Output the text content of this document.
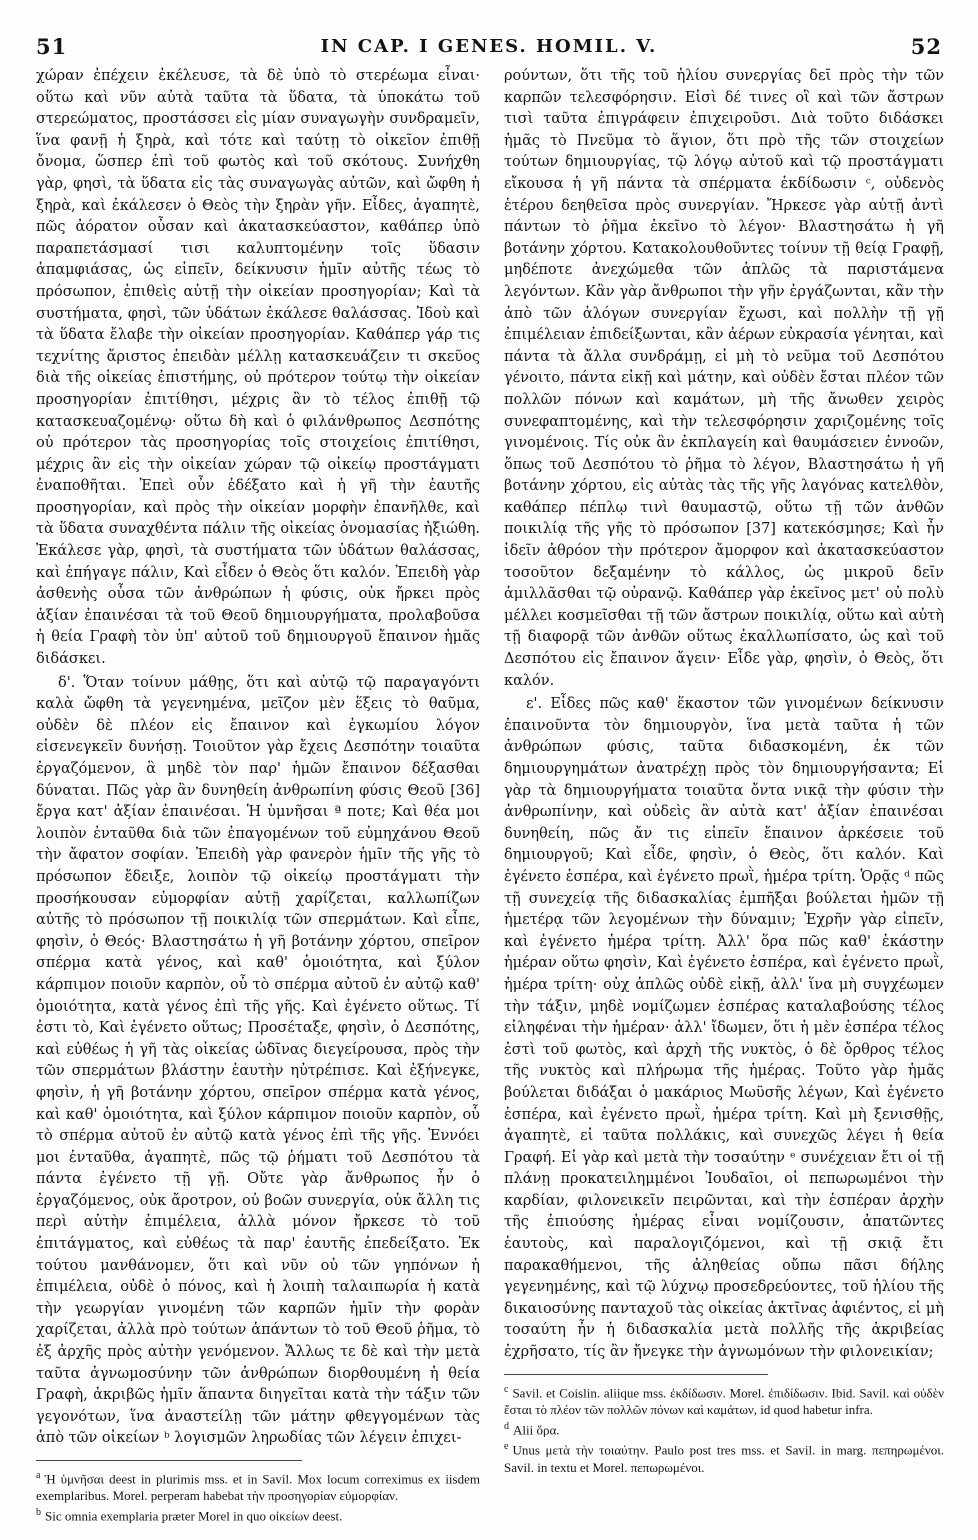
51	IN CAP. I GENES. HOMIL. V.	52

χώραν ἐπέχειν ἐκέλευσε, τὰ δὲ ὑπὸ τὸ στερέωμα εἶναι· οὕτω καὶ νῦν αὐτὰ ταῦτα τὰ ὕδατα, τὰ ὑποκάτω τοῦ στερεώματος, προστάσσει εἰς μίαν συναγωγὴν συνδραμεῖν, ἵνα φανῇ ἡ ξηρὰ, καὶ τότε καὶ ταύτῃ τὸ οἰκεῖον ἐπιθῇ ὄνομα, ὥσπερ ἐπὶ τοῦ φωτὸς καὶ τοῦ σκότους. Συνήχθη γὰρ, φησὶ, τὰ ὕδατα εἰς τὰς συναγωγὰς αὐτῶν, καὶ ὤφθη ἡ ξηρὰ, καὶ ἐκάλεσεν ὁ Θεὸς τὴν ξηρὰν γῆν. Εἶδες, ἀγαπητὲ, πῶς ἀόρατον οὖσαν καὶ ἀκατασκεύαστον, καθάπερ ὑπὸ παραπετάσμασί τισι καλυπτομένην τοῖς ὕδασιν ἀπαμφιάσας, ὡς εἰπεῖν, δείκνυσιν ἡμῖν αὐτῆς τέως τὸ πρόσωπον, ἐπιθεὶς αὐτῇ τὴν οἰκείαν προσηγορίαν; Καὶ τὰ συστήματα, φησὶ, τῶν ὑδάτων ἐκάλεσε θαλάσσας. Ἰδοὺ καὶ τὰ ὕδατα ἔλαβε τὴν οἰκείαν προσηγορίαν. Καθάπερ γάρ τις τεχνίτης ἄριστος ἐπειδὰν μέλλῃ κατασκευάζειν τι σκεῦος διὰ τῆς οἰκείας ἐπιστήμης, οὐ πρότερον τούτῳ τὴν οἰκείαν προσηγορίαν ἐπιτίθησι, μέχρις ἂν τὸ τέλος ἐπιθῇ τῷ κατασκευαζομένῳ· οὕτω δὴ καὶ ὁ φιλάνθρωπος Δεσπότης οὐ πρότερον τὰς προσηγορίας τοῖς στοιχείοις ἐπιτίθησι, μέχρις ἂν εἰς τὴν οἰκείαν χώραν τῷ οἰκείῳ προστάγματι ἐναποθῆται. Ἐπεὶ οὖν ἐδέξατο καὶ ἡ γῆ τὴν ἑαυτῆς προσηγορίαν, καὶ πρὸς τὴν οἰκείαν μορφὴν ἐπανῆλθε, καὶ τὰ ὕδατα συναχθέντα πάλιν τῆς οἰκείας ὀνομασίας ἠξιώθη. Ἐκάλεσε γὰρ, φησὶ, τὰ συστήματα τῶν ὑδάτων θαλάσσας, καὶ ἐπήγαγε πάλιν, Καὶ εἶδεν ὁ Θεὸς ὅτι καλόν. Ἐπειδὴ γὰρ ἀσθενὴς οὖσα τῶν ἀνθρώπων ἡ φύσις, οὐκ ἤρκει πρὸς ἀξίαν ἐπαινέσαι τὰ τοῦ Θεοῦ δημιουργήματα, προλαβοῦσα ἡ θεία Γραφὴ τὸν ὑπ' αὐτοῦ τοῦ δημιουργοῦ ἔπαινον ἡμᾶς διδάσκει.

δ'. Ὅταν τοίνυν μάθῃς, ὅτι καὶ αὐτῷ τῷ παραγαγόντι καλὰ ὤφθη τὰ γεγενημένα, μεῖζον μὲν ἕξεις τὸ θαῦμα, οὐδὲν δὲ πλέον εἰς ἔπαινον καὶ ἐγκωμίου λόγον εἰσενεγκεῖν δυνήσῃ. Τοιοῦτον γὰρ ἔχεις Δεσπότην τοιαῦτα ἐργαζόμενον, ἃ μηδὲ τὸν παρ' ἡμῶν ἔπαινον δέξασθαι δύναται. Πῶς γὰρ ἂν δυνηθείη ἀνθρωπίνη φύσις Θεοῦ [36] ἔργα κατ' ἀξίαν ἐπαινέσαι. Ἡ ὑμνῆσαι ª ποτε; Καὶ θέα μοι λοιπὸν ἐνταῦθα διὰ τῶν ἐπαγομένων τοῦ εὐμηχάνου Θεοῦ τὴν ἄφατον σοφίαν. Ἐπειδὴ γὰρ φανερὸν ἡμῖν τῆς γῆς τὸ πρόσωπον ἔδειξε, λοιπὸν τῷ οἰκείῳ προστάγματι τὴν προσήκουσαν εὐμορφίαν αὐτῇ χαρίζεται, καλλωπίζων αὐτῆς τὸ πρόσωπον τῇ ποικιλίᾳ τῶν σπερμάτων. Καὶ εἶπε, φησὶν, ὁ Θεός· Βλαστησάτω ἡ γῆ βοτάνην χόρτου, σπεῖρον σπέρμα κατὰ γένος, καὶ καθ' ὁμοιότητα, καὶ ξύλον κάρπιμον ποιοῦν καρπὸν, οὗ τὸ σπέρμα αὐτοῦ ἐν αὐτῷ καθ' ὁμοιότητα, κατὰ γένος ἐπὶ τῆς γῆς. Καὶ ἐγένετο οὕτως. Τί ἐστι τὸ, Καὶ ἐγένετο οὕτως; Προσέταξε, φησὶν, ὁ Δεσπότης, καὶ εὐθέως ἡ γῆ τὰς οἰκείας ὠδῖνας διεγείρουσα, πρὸς τὴν τῶν σπερμάτων βλάστην ἑαυτὴν ηὐτρέπισε. Καὶ ἐξήνεγκε, φησὶν, ἡ γῆ βοτάνην χόρτου, σπεῖρον σπέρμα κατὰ γένος, καὶ καθ' ὁμοιότητα, καὶ ξύλον κάρπιμον ποιοῦν καρπὸν, οὗ τὸ σπέρμα αὐτοῦ ἐν αὐτῷ κατὰ γένος ἐπὶ τῆς γῆς. Ἐννόει μοι ἐνταῦθα, ἀγαπητὲ, πῶς τῷ ῥήματι τοῦ Δεσπότου τὰ πάντα ἐγένετο τῇ γῇ. Οὔτε γὰρ ἄνθρωπος ἦν ὁ ἐργαζόμενος, οὐκ ἄροτρον, οὐ βοῶν συνεργία, οὐκ ἄλλη τις περὶ αὐτὴν ἐπιμέλεια, ἀλλὰ μόνον ἤρκεσε τὸ τοῦ ἐπιτάγματος, καὶ εὐθέως τὰ παρ' ἑαυτῆς ἐπεδείξατο. Ἐκ τούτου μανθάνομεν, ὅτι καὶ νῦν οὐ τῶν γηπόνων ἡ ἐπιμέλεια, οὐδὲ ὁ πόνος, καὶ ἡ λοιπὴ ταλαιπωρία ἡ κατὰ τὴν γεωργίαν γινομένη τῶν καρπῶν ἡμῖν τὴν φορὰν χαρίζεται, ἀλλὰ πρὸ τούτων ἁπάντων τὸ τοῦ Θεοῦ ῥῆμα, τὸ ἐξ ἀρχῆς πρὸς αὐτὴν γενόμενον. Ἄλλως τε δὲ καὶ τὴν μετὰ ταῦτα ἀγνωμοσύνην τῶν ἀνθρώπων διορθουμένη ἡ θεία Γραφὴ, ἀκριβῶς ἡμῖν ἅπαντα διηγεῖται κατὰ τὴν τάξιν τῶν γεγονότων, ἵνα ἀναστείλῃ τῶν μάτην φθεγγομένων τὰς ἀπὸ τῶν οἰκείων ᵇ λογισμῶν ληρωδίας τῶν λέγειν ἐπιχει-

$^a$ Ἡ ὑμνῆσαι deest in plurimis mss. et in Savil. Mox locum correximus ex iisdem exemplaribus. Morel. perperam habebat τὴν προσηγορίαν εὐμορφίαν.

$^b$ Sic omnia exemplaria præter Morel in quo οἰκείων deest.

ρούντων, ὅτι τῆς τοῦ ἡλίου συνεργίας δεῖ πρὸς τὴν τῶν καρπῶν τελεσφόρησιν. Εἰσὶ δέ τινες οἳ καὶ τῶν ἄστρων τισὶ ταῦτα ἐπιγράφειν ἐπιχειροῦσι. Διὰ τοῦτο διδάσκει ἡμᾶς τὸ Πνεῦμα τὸ ἅγιον, ὅτι πρὸ τῆς τῶν στοιχείων τούτων δημιουργίας, τῷ λόγῳ αὐτοῦ καὶ τῷ προστάγματι εἴκουσα ἡ γῆ πάντα τὰ σπέρματα ἐκδίδωσιν ᶜ, οὐδενὸς ἑτέρου δεηθεῖσα πρὸς συνεργίαν. Ἤρκεσε γὰρ αὐτῇ ἀντὶ πάντων τὸ ῥῆμα ἐκεῖνο τὸ λέγον· Βλαστησάτω ἡ γῆ βοτάνην χόρτου. Κατακολουθοῦντες τοίνυν τῇ θείᾳ Γραφῇ, μηδέποτε ἀνεχώμεθα τῶν ἁπλῶς τὰ παριστάμενα λεγόντων. Κἂν γὰρ ἄνθρωποι τὴν γῆν ἐργάζωνται, κἂν τὴν ἀπὸ τῶν ἀλόγων συνεργίαν ἔχωσι, καὶ πολλὴν τῇ γῇ ἐπιμέλειαν ἐπιδείξωνται, κἂν ἀέρων εὐκρασία γένηται, καὶ πάντα τὰ ἄλλα συνδράμῃ, εἰ μὴ τὸ νεῦμα τοῦ Δεσπότου γένοιτο, πάντα εἰκῇ καὶ μάτην, καὶ οὐδὲν ἔσται πλέον τῶν πολλῶν πόνων καὶ καμάτων, μὴ τῆς ἄνωθεν χειρὸς συνεφαπτομένης, καὶ τὴν τελεσφόρησιν χαριζομένης τοῖς γινομένοις. Τίς οὐκ ἂν ἐκπλαγείη καὶ θαυμάσειεν ἐννοῶν, ὅπως τοῦ Δεσπότου τὸ ῥῆμα τὸ λέγον, Βλαστησάτω ἡ γῆ βοτάνην χόρτου, εἰς αὐτὰς τὰς τῆς γῆς λαγόνας κατελθὸν, καθάπερ πέπλῳ τινὶ θαυμαστῷ, οὕτω τῇ τῶν ἀνθῶν ποικιλίᾳ τῆς γῆς τὸ πρόσωπον [37] κατεκόσμησε; Καὶ ἦν ἰδεῖν ἀθρόον τὴν πρότερον ἄμορφον καὶ ἀκατασκεύαστον τοσοῦτον δεξαμένην τὸ κάλλος, ὡς μικροῦ δεῖν ἁμιλλᾶσθαι τῷ οὐρανῷ. Καθάπερ γὰρ ἐκεῖνος μετ' οὐ πολὺ μέλλει κοσμεῖσθαι τῇ τῶν ἄστρων ποικιλίᾳ, οὕτω καὶ αὐτὴ τῇ διαφορᾷ τῶν ἀνθῶν οὕτως ἐκαλλωπίσατο, ὡς καὶ τοῦ Δεσπότου εἰς ἔπαινον ἄγειν· Εἶδε γὰρ, φησὶν, ὁ Θεὸς, ὅτι καλόν.

ε'. Εἶδες πῶς καθ' ἕκαστον τῶν γινομένων δείκνυσιν ἐπαινοῦντα τὸν δημιουργὸν, ἵνα μετὰ ταῦτα ἡ τῶν ἀνθρώπων φύσις, ταῦτα διδασκομένη, ἐκ τῶν δημιουργημάτων ἀνατρέχῃ πρὸς τὸν δημιουργήσαντα; Εἰ γὰρ τὰ δημιουργήματα τοιαῦτα ὄντα νικᾷ τὴν φύσιν τὴν ἀνθρωπίνην, καὶ οὐδεὶς ἂν αὐτὰ κατ' ἀξίαν ἐπαινέσαι δυνηθείη, πῶς ἄν τις εἰπεῖν ἔπαινον ἀρκέσειε τοῦ δημιουργοῦ; Καὶ εἶδε, φησὶν, ὁ Θεὸς, ὅτι καλόν. Καὶ ἐγένετο ἑσπέρα, καὶ ἐγένετο πρωῒ, ἡμέρα τρίτη. Ὁρᾷς ᵈ πῶς τῇ συνεχείᾳ τῆς διδασκαλίας ἐμπῆξαι βούλεται ἡμῶν τῇ ἡμετέρᾳ τῶν λεγομένων τὴν δύναμιν; Ἐχρῆν γὰρ εἰπεῖν, καὶ ἐγένετο ἡμέρα τρίτη. Ἀλλ' ὅρα πῶς καθ' ἑκάστην ἡμέραν οὕτω φησὶν, Καὶ ἐγένετο ἑσπέρα, καὶ ἐγένετο πρωῒ, ἡμέρα τρίτη· οὐχ ἁπλῶς οὐδὲ εἰκῇ, ἀλλ' ἵνα μὴ συγχέωμεν τὴν τάξιν, μηδὲ νομίζωμεν ἑσπέρας καταλαβούσης τέλος εἰληφέναι τὴν ἡμέραν· ἀλλ' ἴδωμεν, ὅτι ἡ μὲν ἑσπέρα τέλος ἐστὶ τοῦ φωτὸς, καὶ ἀρχὴ τῆς νυκτὸς, ὁ δὲ ὄρθρος τέλος τῆς νυκτὸς καὶ πλήρωμα τῆς ἡμέρας. Τοῦτο γὰρ ἡμᾶς βούλεται διδάξαι ὁ μακάριος Μωϋσῆς λέγων, Καὶ ἐγένετο ἑσπέρα, καὶ ἐγένετο πρωῒ, ἡμέρα τρίτη. Καὶ μὴ ξενισθῇς, ἀγαπητὲ, εἰ ταῦτα πολλάκις, καὶ συνεχῶς λέγει ἡ θεία Γραφή. Εἰ γὰρ καὶ μετὰ τὴν τοσαύτην ᵉ συνέχειαν ἔτι οἱ τῇ πλάνῃ προκατειλημμένοι Ἰουδαῖοι, οἱ πεπωρωμένοι τὴν καρδίαν, φιλονεικεῖν πειρῶνται, καὶ τὴν ἑσπέραν ἀρχὴν τῆς ἐπιούσης ἡμέρας εἶναι νομίζουσιν, ἀπατῶντες ἑαυτοὺς, καὶ παραλογιζόμενοι, καὶ τῇ σκιᾷ ἔτι παρακαθήμενοι, τῆς ἀληθείας οὔπω πᾶσι δήλης γεγενημένης, καὶ τῷ λύχνῳ προσεδρεύοντες, τοῦ ἡλίου τῆς δικαιοσύνης πανταχοῦ τὰς οἰκείας ἀκτῖνας ἀφιέντος, εἰ μὴ τοσαύτη ἦν ἡ διδασκαλία μετὰ πολλῆς τῆς ἀκριβείας ἐχρῆσατο, τίς ἂν ἤνεγκε τὴν ἀγνωμόνων τὴν φιλονεικίαν;

$^c$ Savil. et Coislin. aliique mss. ἐκδίδωσιν. Morel. ἐπιδίδωσιν. Ibid. Savil. καὶ οὐδὲν ἔσται τὸ πλέον τῶν πολλῶν πόνων καὶ καμάτων, id quod habetur infra.

$^d$ Alii ὅρα.

$^e$ Unus μετὰ τὴν τοιαύτην. Paulo post tres mss. et Savil. in marg. πεπηρωμένοι. Savil. in textu et Morel. πεπωρωμένοι.
